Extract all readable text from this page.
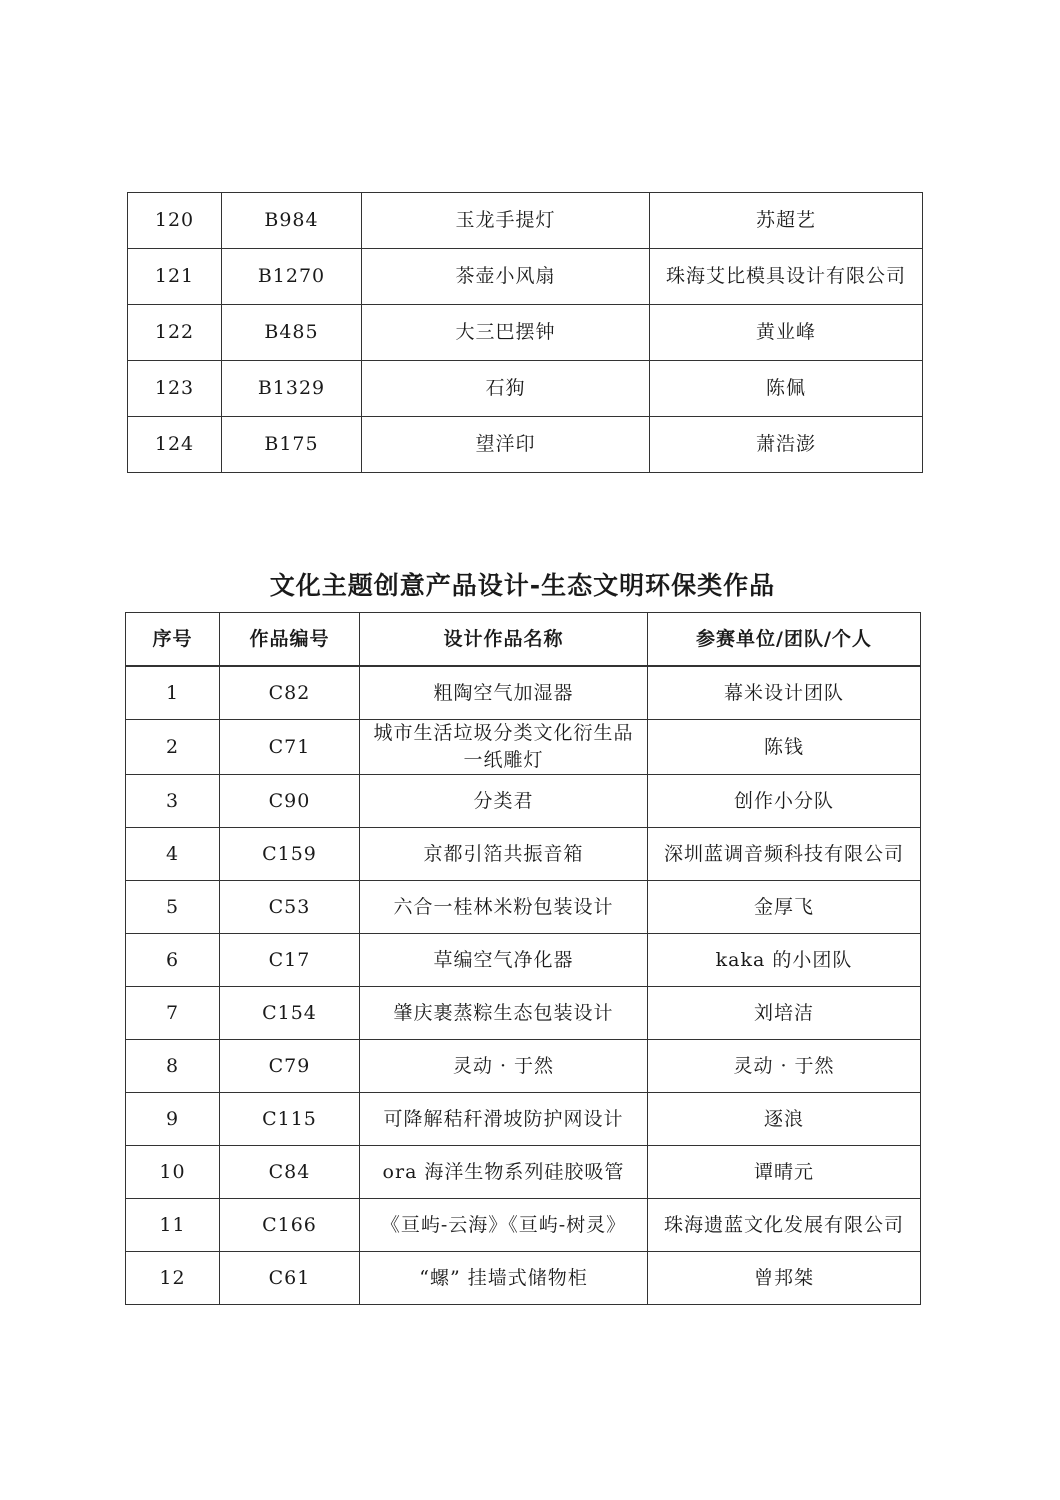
120	B984	玉龙手提灯	苏超艺
121	B1270	茶壶小风扇	珠海艾比模具设计有限公司
122	B485	大三巴摆钟	黄业峰
123	B1329	石狗	陈佩
124	B175	望洋印	萧浩澎
文化主题创意产品设计-生态文明环保类作品
序号	作品编号	设计作品名称	参赛单位/团队/个人
1	C82	粗陶空气加湿器	幕米设计团队
2	C71	城市生活垃圾分类文化衍生品一纸雕灯	陈钱
3	C90	分类君	创作小分队
4	C159	京都引箔共振音箱	深圳蓝调音频科技有限公司
5	C53	六合一桂林米粉包装设计	金厚飞
6	C17	草编空气净化器	kaka 的小团队
7	C154	肇庆裹蒸粽生态包装设计	刘培洁
8	C79	灵动 · 于然	灵动 · 于然
9	C115	可降解秸秆滑坡防护网设计	逐浪
10	C84	ora 海洋生物系列硅胶吸管	谭晴元
11	C166	《亘屿-云海》《亘屿-树灵》	珠海遗蓝文化发展有限公司
12	C61	“螺” 挂墙式储物柜	曾邦桀
